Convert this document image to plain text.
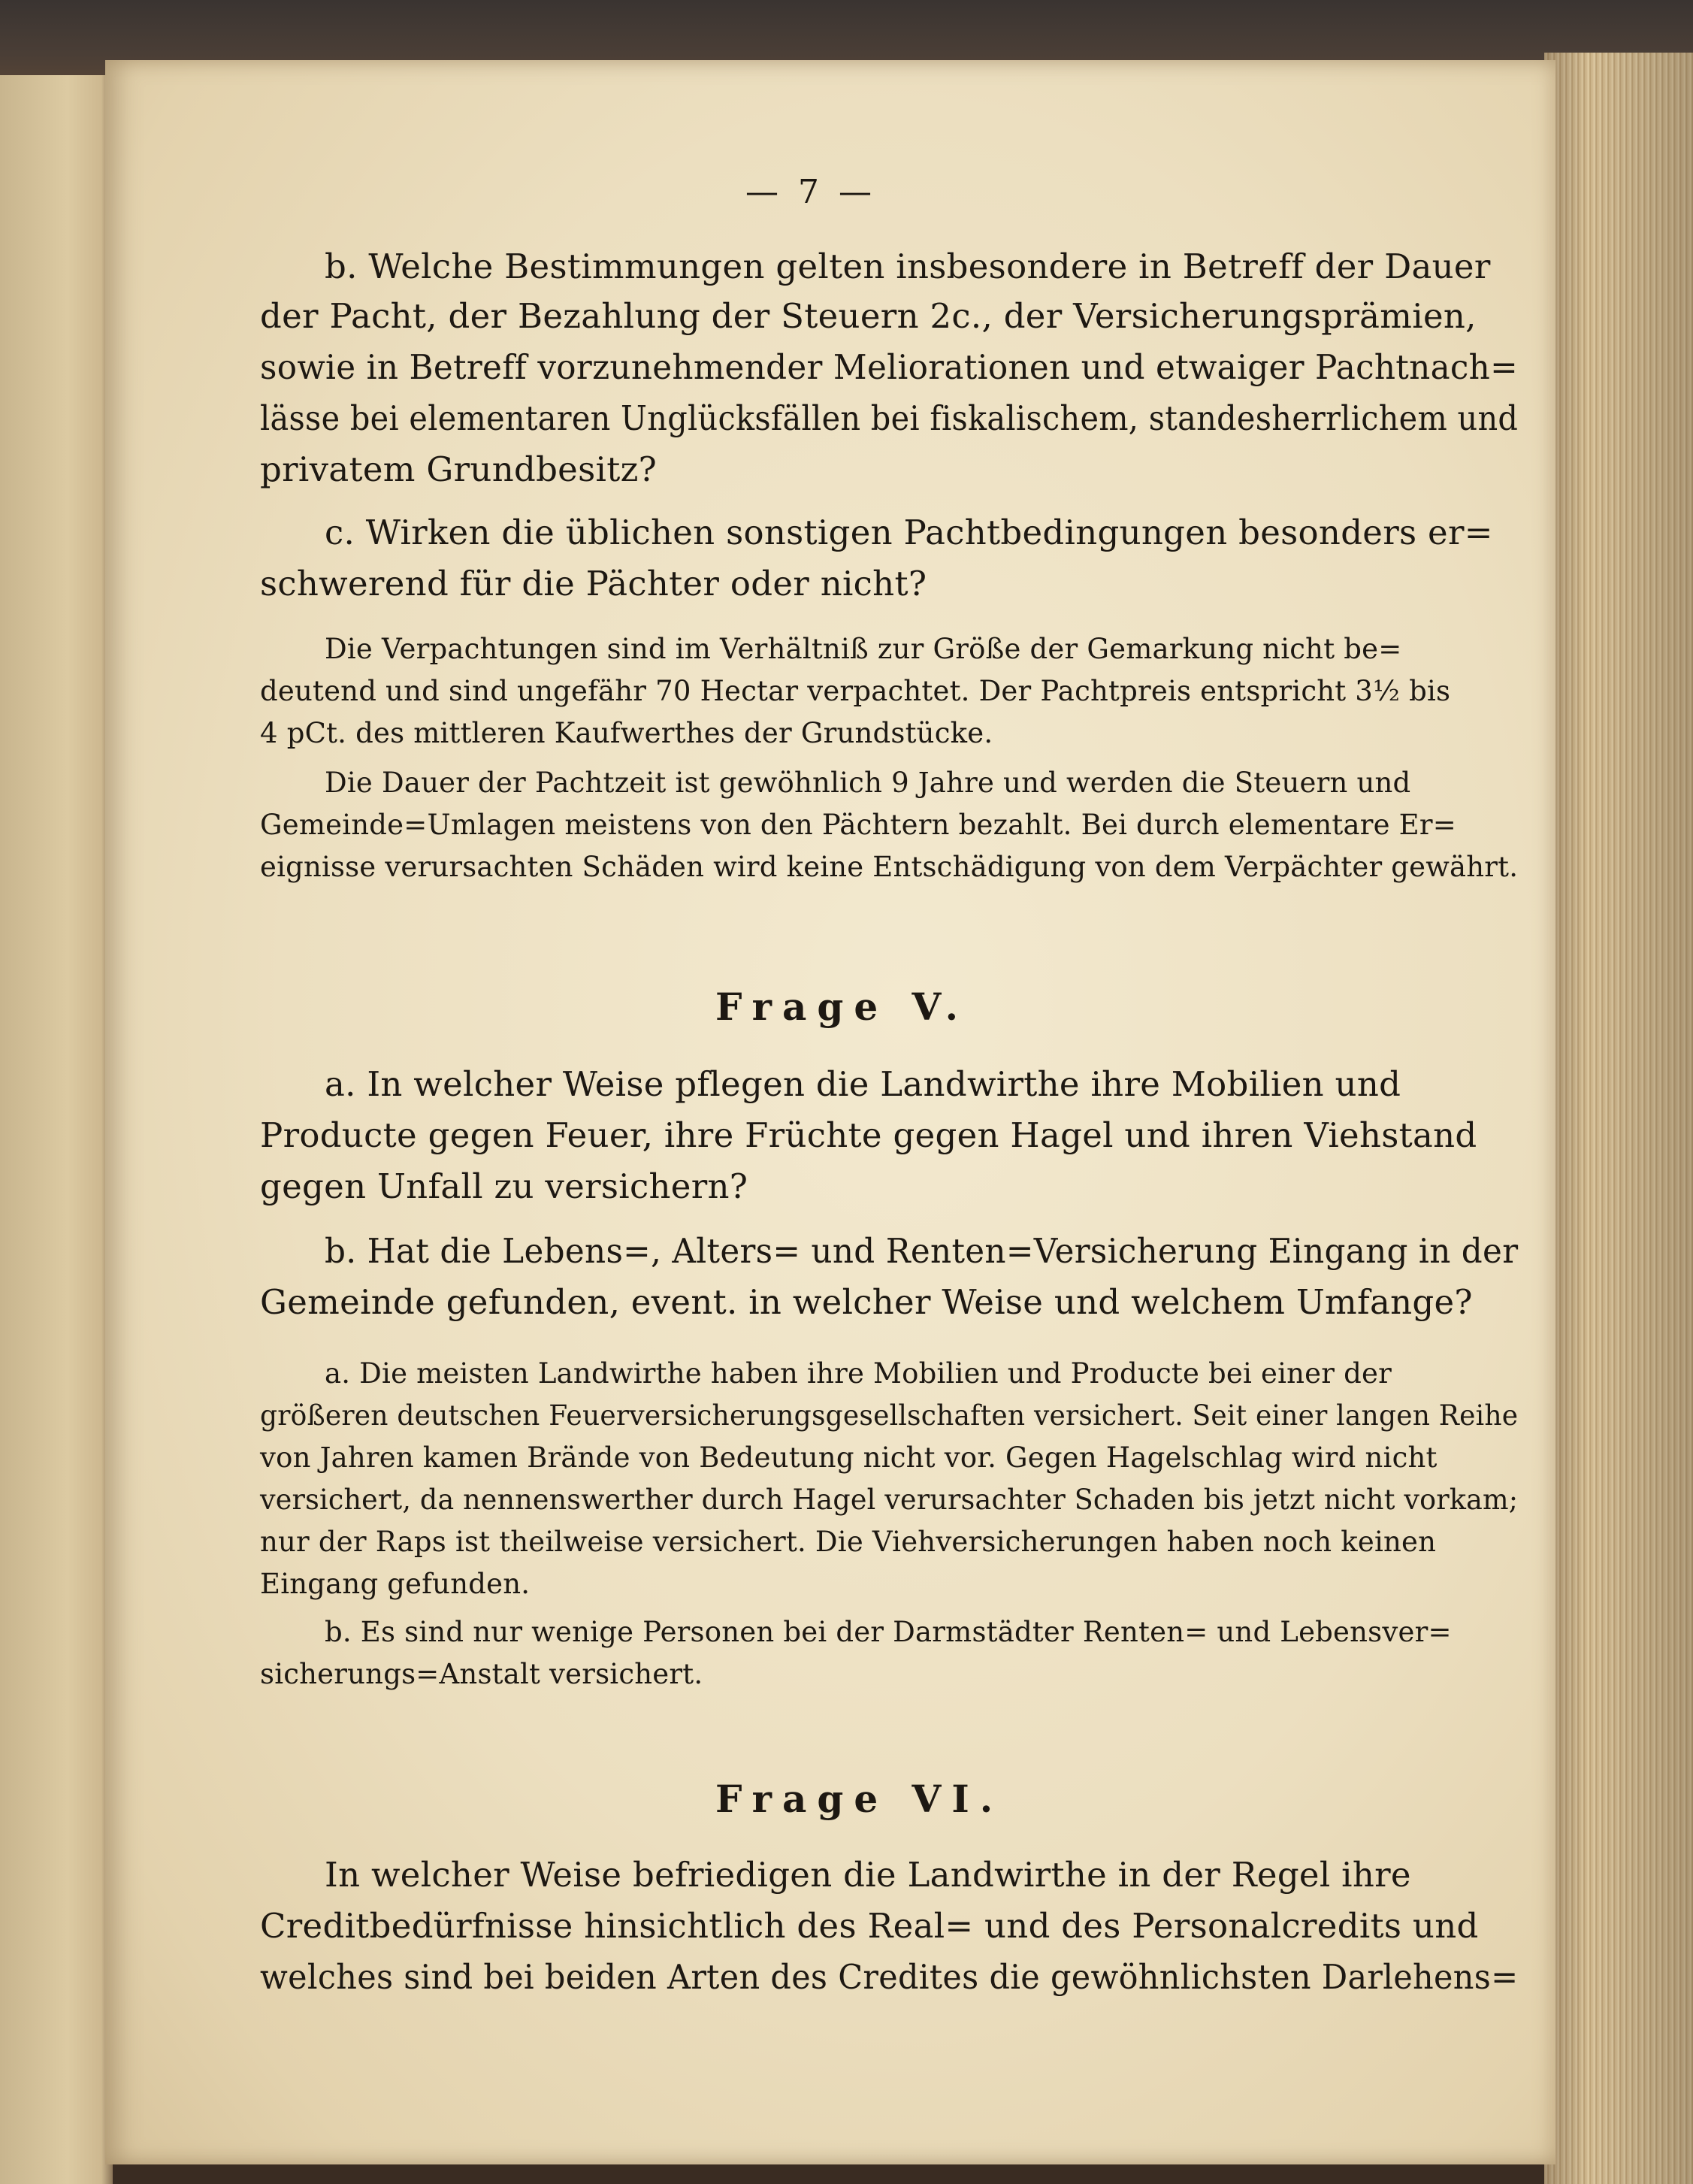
— 7 —

b. Welche Bestimmungen gelten insbesondere in Betreff der Dauer

der Pacht, der Bezahlung der Steuern 2c., der Versicherungsprämien,

sowie in Betreff vorzunehmender Meliorationen und etwaiger Pachtnach=

lässe bei elementaren Unglücksfällen bei fiskalischem, standesherrlichem und

privatem Grundbesitz?

c. Wirken die üblichen sonstigen Pachtbedingungen besonders er=

schwerend für die Pächter oder nicht?

Die Verpachtungen sind im Verhältniß zur Größe der Gemarkung nicht be=

deutend und sind ungefähr 70 Hectar verpachtet. Der Pachtpreis entspricht 3½ bis

4 pCt. des mittleren Kaufwerthes der Grundstücke.

Die Dauer der Pachtzeit ist gewöhnlich 9 Jahre und werden die Steuern und

Gemeinde=Umlagen meistens von den Pächtern bezahlt. Bei durch elementare Er=

eignisse verursachten Schäden wird keine Entschädigung von dem Verpächter gewährt.

Frage V.

a. In welcher Weise pflegen die Landwirthe ihre Mobilien und

Producte gegen Feuer, ihre Früchte gegen Hagel und ihren Viehstand

gegen Unfall zu versichern?

b. Hat die Lebens=, Alters= und Renten=Versicherung Eingang in der

Gemeinde gefunden, event. in welcher Weise und welchem Umfange?

a. Die meisten Landwirthe haben ihre Mobilien und Producte bei einer der

größeren deutschen Feuerversicherungsgesellschaften versichert. Seit einer langen Reihe

von Jahren kamen Brände von Bedeutung nicht vor. Gegen Hagelschlag wird nicht

versichert, da nennenswerther durch Hagel verursachter Schaden bis jetzt nicht vorkam;

nur der Raps ist theilweise versichert. Die Viehversicherungen haben noch keinen

Eingang gefunden.

b. Es sind nur wenige Personen bei der Darmstädter Renten= und Lebensver=

sicherungs=Anstalt versichert.

Frage VI.

In welcher Weise befriedigen die Landwirthe in der Regel ihre

Creditbedürfnisse hinsichtlich des Real= und des Personalcredits und

welches sind bei beiden Arten des Credites die gewöhnlichsten Darlehens=
